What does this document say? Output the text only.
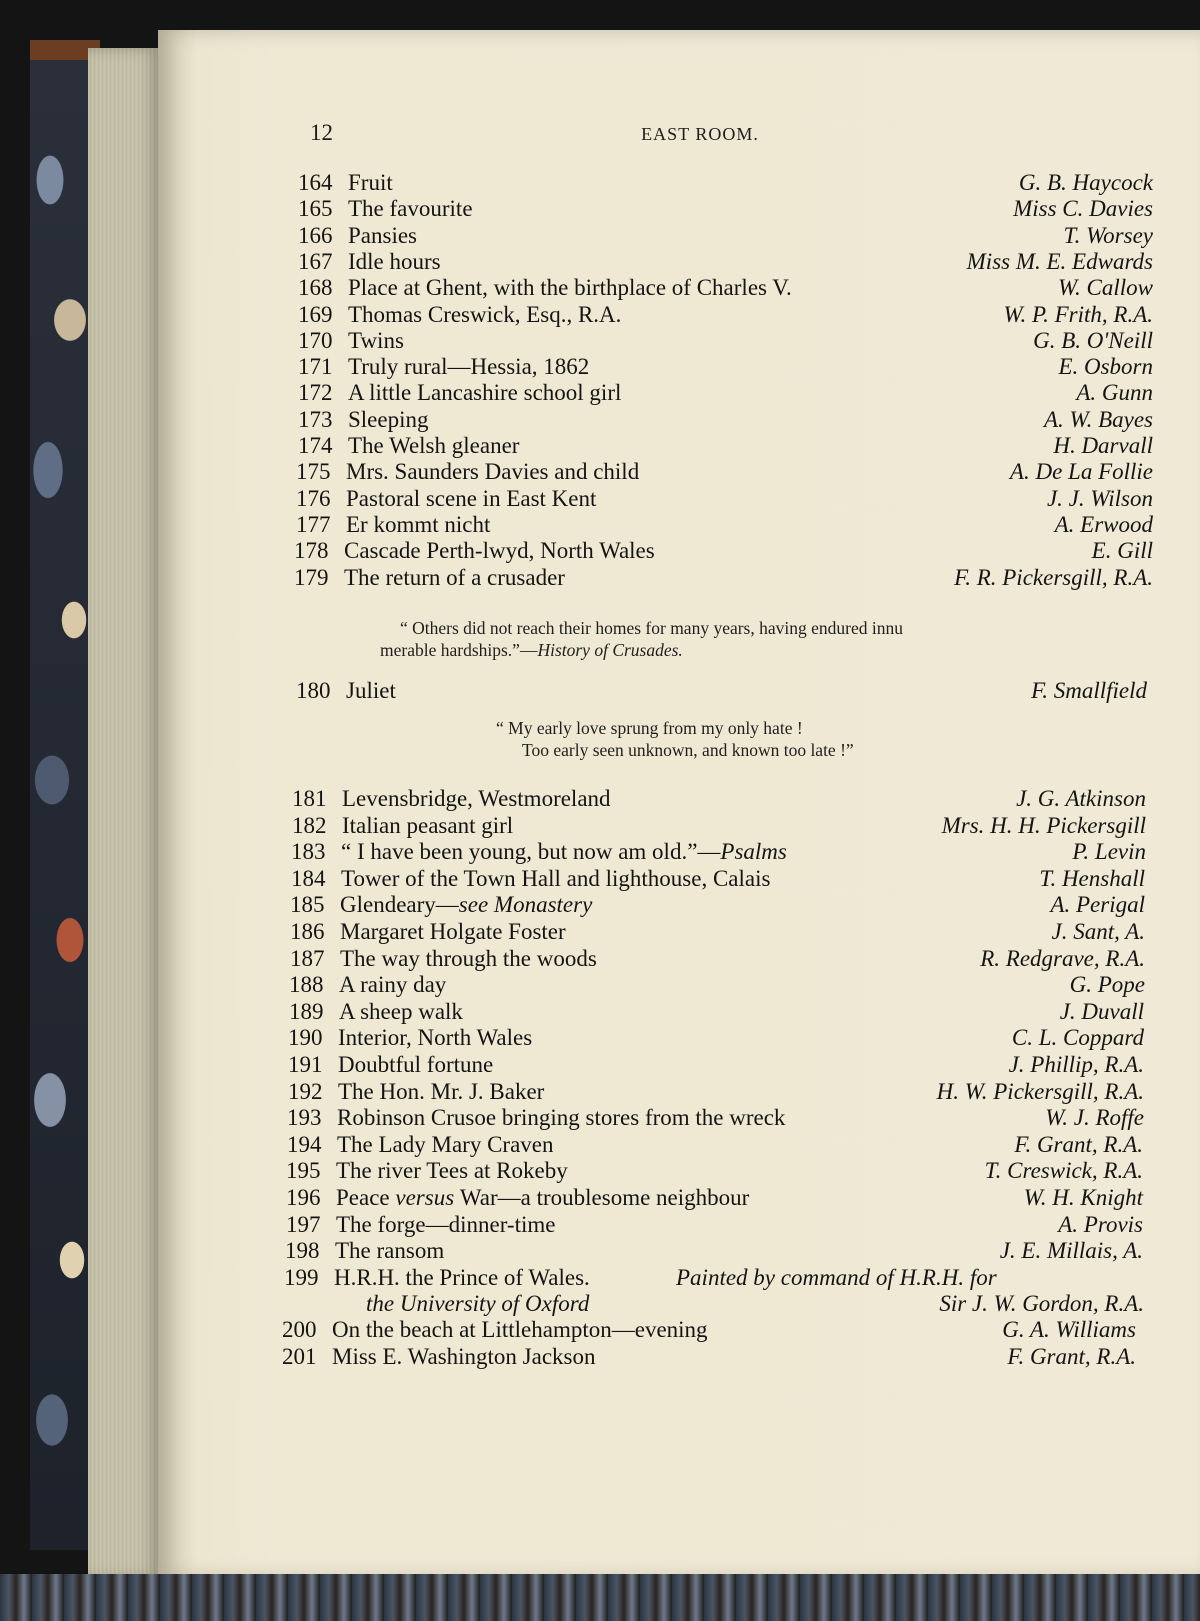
12	EAST ROOM.
164 Fruit	G. B. Haycock
165 The favourite	Miss C. Davies
166 Pansies	T. Worsey
167 Idle hours	Miss M. E. Edwards
168 Place at Ghent, with the birthplace of Charles V.	W. Callow
169 Thomas Creswick, Esq., R.A.	W. P. Frith, R.A.
170 Twins	G. B. O'Neill
171 Truly rural—Hessia, 1862	E. Osborn
172 A little Lancashire school girl	A. Gunn
173 Sleeping	A. W. Bayes
174 The Welsh gleaner	H. Darvall
175 Mrs. Saunders Davies and child	A. De La Follie
176 Pastoral scene in East Kent	J. J. Wilson
177 Er kommt nicht	A. Erwood
178 Cascade Perth-lwyd, North Wales	E. Gill
179 The return of a crusader	F. R. Pickersgill, R.A.
“ Others did not reach their homes for many years, having endured innu
merable hardships.”—History of Crusades.
180 Juliet	F. Smallfield
“ My early love sprung from my only hate !
Too early seen unknown, and known too late !”
181 Levensbridge, Westmoreland	J. G. Atkinson
182 Italian peasant girl	Mrs. H. H. Pickersgill
183 “ I have been young, but now am old.”—Psalms	P. Levin
184 Tower of the Town Hall and lighthouse, Calais	T. Henshall
185 Glendeary—see Monastery	A. Perigal
186 Margaret Holgate Foster	J. Sant, A.
187 The way through the woods	R. Redgrave, R.A.
188 A rainy day	G. Pope
189 A sheep walk	J. Duvall
190 Interior, North Wales	C. L. Coppard
191 Doubtful fortune	J. Phillip, R.A.
192 The Hon. Mr. J. Baker	H. W. Pickersgill, R.A.
193 Robinson Crusoe bringing stores from the wreck	W. J. Roffe
194 The Lady Mary Craven	F. Grant, R.A.
195 The river Tees at Rokeby	T. Creswick, R.A.
196 Peace versus War—a troublesome neighbour	W. H. Knight
197 The forge—dinner-time	A. Provis
198 The ransom	J. E. Millais, A.
199 H.R.H. the Prince of Wales.	Painted by command of H.R.H. for
the University of Oxford	Sir J. W. Gordon, R.A.
200 On the beach at Littlehampton—evening	G. A. Williams
201 Miss E. Washington Jackson	F. Grant, R.A.
